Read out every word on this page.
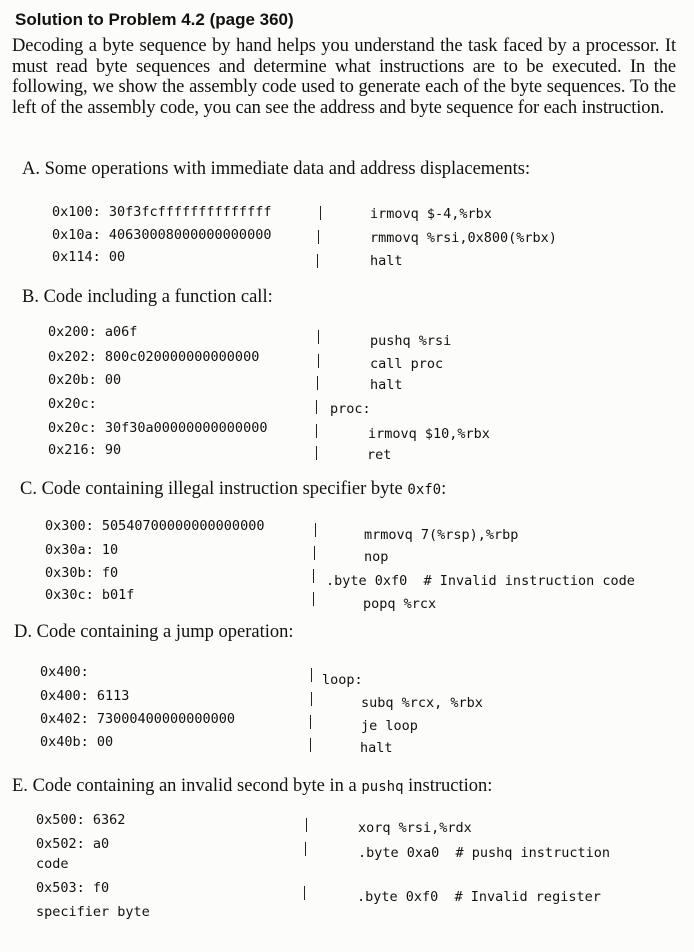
Solution to Problem 4.2 (page 360)
Decoding a byte sequence by hand helps you understand the task faced by a processor. It must read byte sequences and determine what instructions are to be executed. In the following, we show the assembly code used to generate each of the byte sequences. To the left of the assembly code, you can see the address and byte sequence for each instruction.
A. Some operations with immediate data and address displacements:
0x100: 30f3fcffffffffffffff
0x10a: 40630008000000000000
0x114: 00
irmovq $-4,%rbx
rmmovq %rsi,0x800(%rbx)
halt
B. Code including a function call:
0x200: a06f
0x202: 800c020000000000000
0x20b: 00
0x20c:
0x20c: 30f30a00000000000000
0x216: 90
pushq %rsi
call proc
halt
proc:
irmovq $10,%rbx
ret
C. Code containing illegal instruction specifier byte 0xf0:
0x300: 50540700000000000000
0x30a: 10
0x30b: f0
0x30c: b01f
mrmovq 7(%rsp),%rbp
nop
.byte 0xf0  # Invalid instruction code
popq %rcx
D. Code containing a jump operation:
0x400:
0x400: 6113
0x402: 73000400000000000
0x40b: 00
loop:
subq %rcx, %rbx
je loop
halt
E. Code containing an invalid second byte in a pushq instruction:
0x500: 6362
0x502: a0
code
0x503: f0
specifier byte
xorq %rsi,%rdx
.byte 0xa0  # pushq instruction
.byte 0xf0  # Invalid register
